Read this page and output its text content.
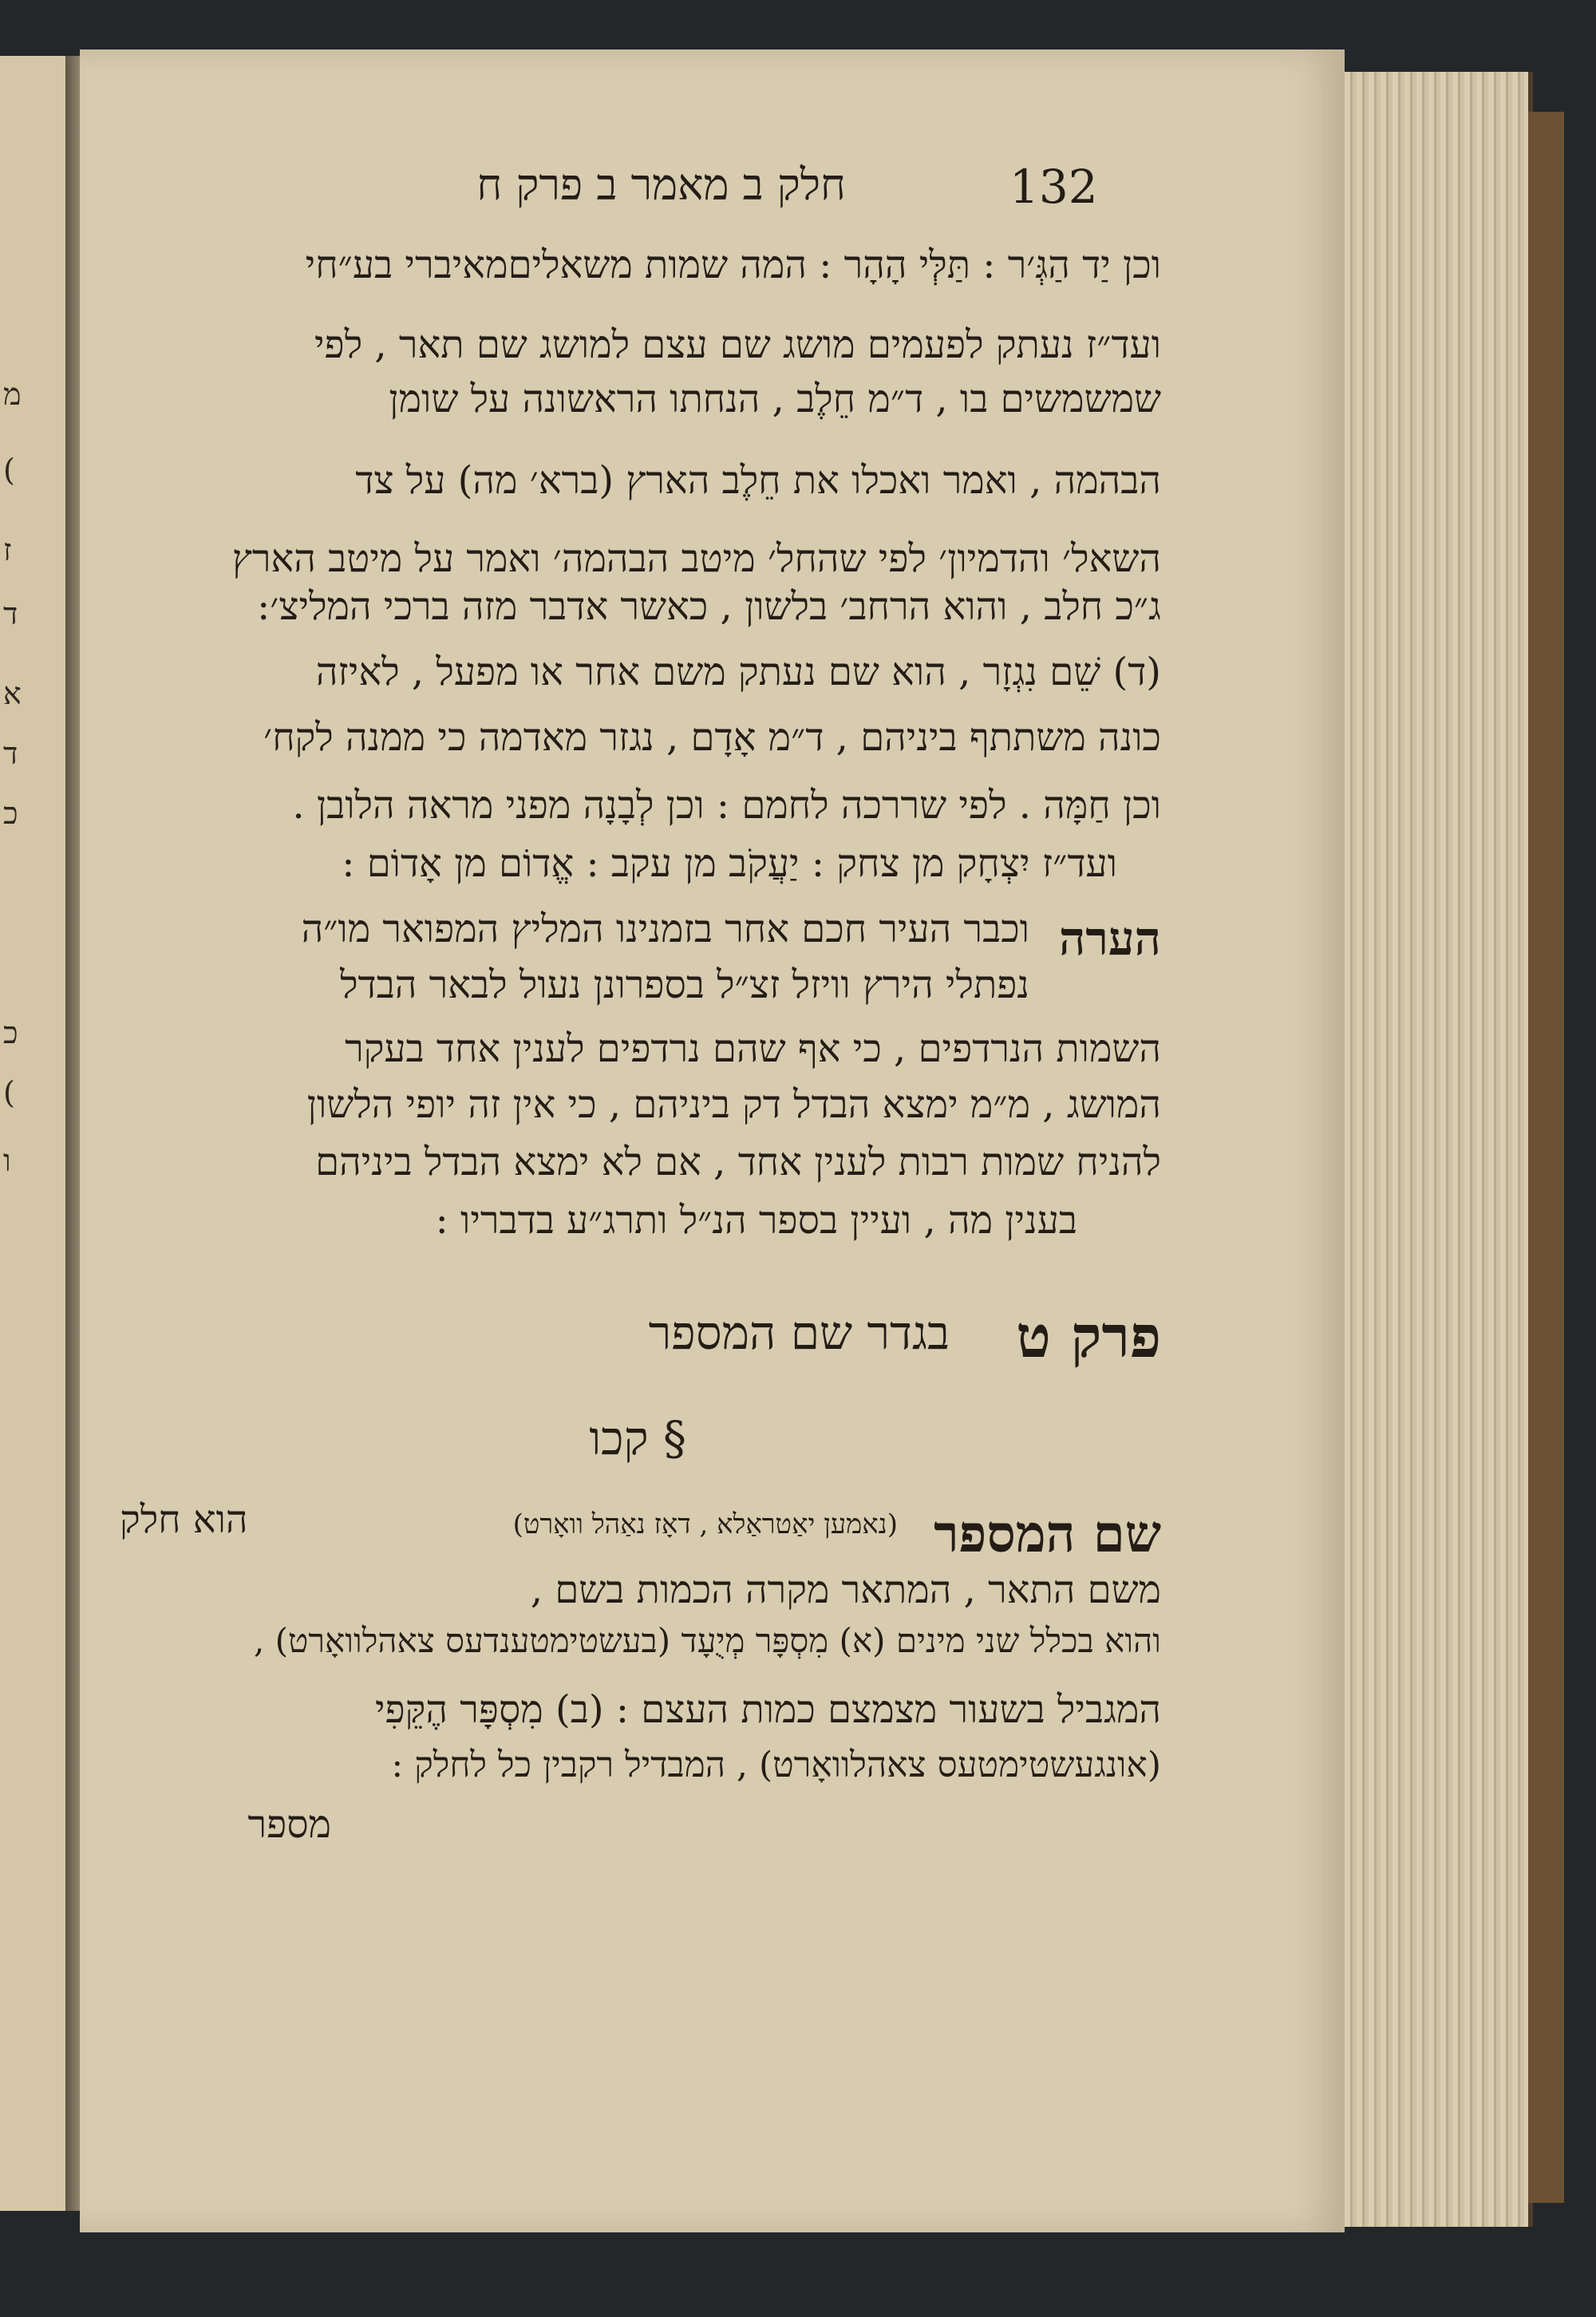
מ
(
ז
ד
א
ד
כ
כ
(
ו
חלק ב מאמר ב פרק ח	132
וכן יַד הַגְּ׳ר : תַּלְּי הָהָר : המה שמות משאליםמאיברי בע״חי
ועד״ז נעתק לפעמים מושג שם עצם למושג שם תאר , לפי
שמשמשים בו , ד״מ חֵלֶב , הנחתו הראשונה על שומן
הבהמה , ואמר ואכלו את חֵלֶב הארץ (ברא׳ מה) על צד
השאל׳ והדמיון׳ לפי שהחל׳ מיטב הבהמה׳ ואמר על מיטב הארץ
ג״כ חלב , והוא הרחב׳ בלשון , כאשר אדבר מזה ברכי המליצ׳:
(ד) שֵׁם נִגְזָר , הוא שם נעתק משם אחר או מפעל , לאיזה
כונה משתתף ביניהם , ד״מ אָדָם , נגזר מאדמה כי ממנה לקח׳
וכן חַמָּה . לפי שררכה לחמם : וכן לְבָנָה מפני מראה הלובן .
ועד״ז יִצְחָק מן צחק : יַעֲקֹב מן עקב : אֱדוֹם מן אָדוֹם :
הערה
וכבר העיר חכם אחר בזמנינו המליץ המפואר מו״ה
נפתלי הירץ וויזל זצ״ל בספרונן נעול לבאר הבדל
השמות הנרדפים , כי אף שהם נרדפים לענין אחד בעקר
המושג , מ״מ ימצא הבדל דק ביניהם , כי אין זה יופי הלשון
להניח שמות רבות לענין אחד , אם לא ימצא הבדל ביניהם
בענין מה , ועיין בספר הנ״ל ותרג״ע בדבריו :
פרק ט
בגדר שם המספר
§ קכו
שם המספר
(נאמען יאַטראַלא , דאָז נאַהל וואָרט)
הוא חלק
משם התאר , המתאר מקרה הכמות בשם ,
והוא בכלל שני מינים (א) מִסְפָּר מְיֻעָד (בעשטימטענדעס צאהלוואָרט) ,
המגביל בשעור מצמצם כמות העצם : (ב) מִסְפָּר הֶקֵּפִי
(אונגעשטימטעס צאהלוואָרט) , המבדיל רקבין כל לחלק :
מספר
